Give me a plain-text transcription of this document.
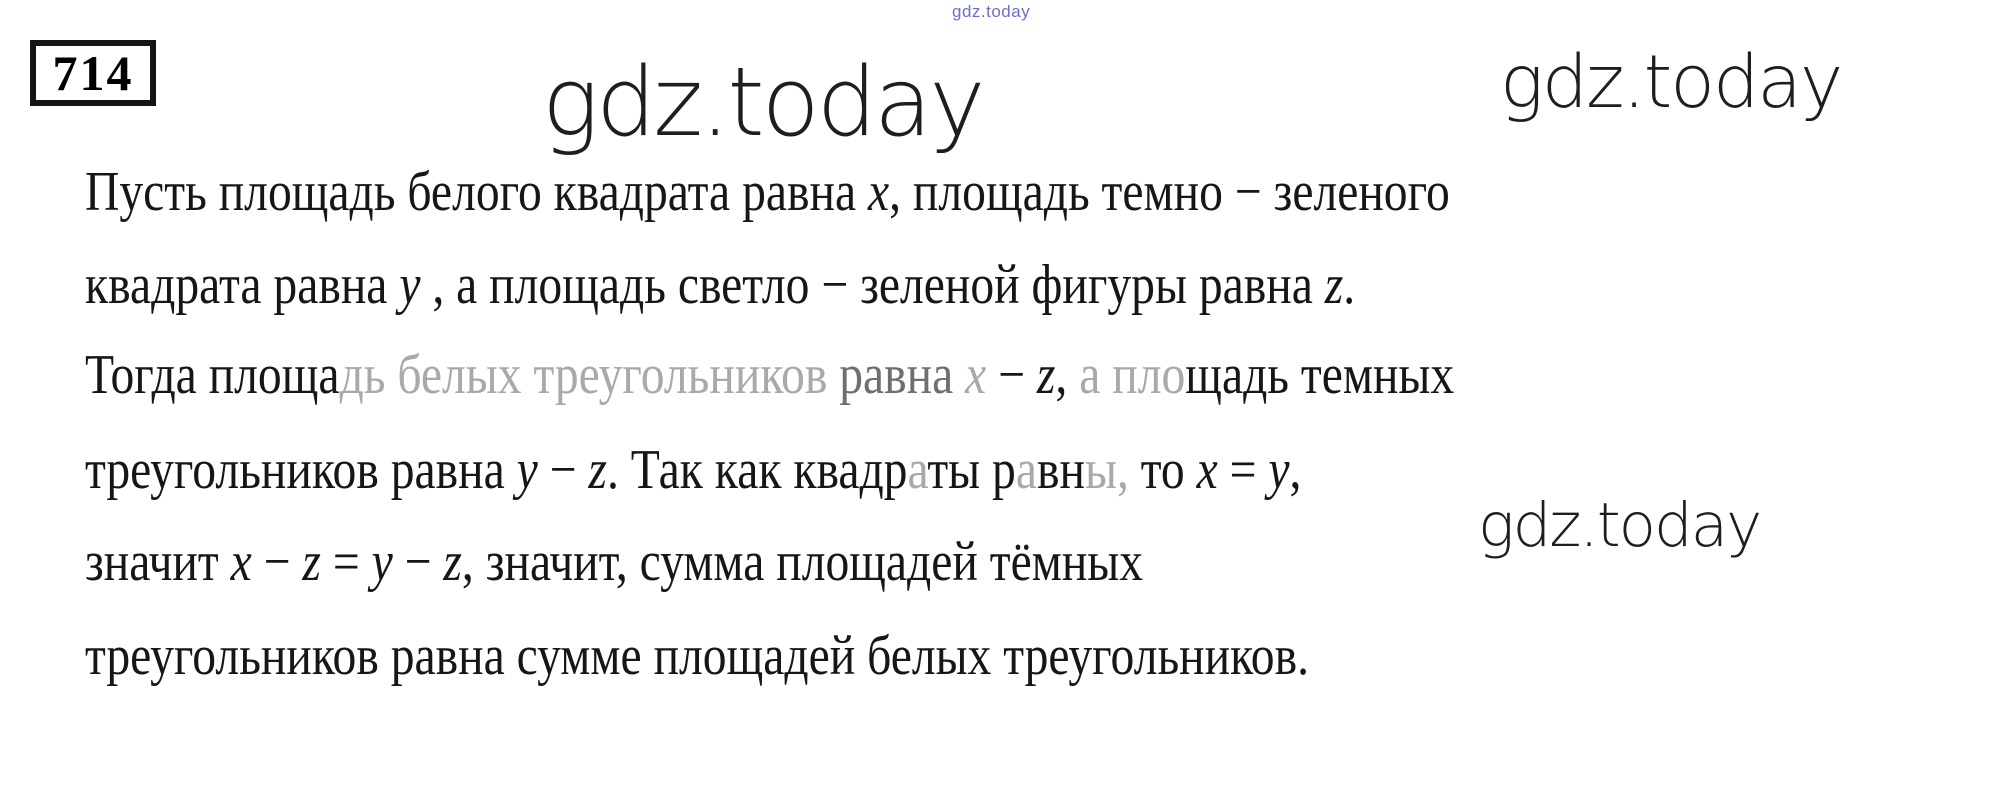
714
gdz.today
gdz.today	gdz.today
gdz.today
Пусть площадь белого квадрата равна x, площадь темно − зеленого
квадрата равна y , а площадь светло − зеленой фигуры равна z.
Тогда площадь белых треугольников равна x − z, а площадь темных
треугольников равна y − z. Так как квадраты равны, то x = y,
значит x − z = y − z, значит, сумма площадей тёмных
треугольников равна сумме площадей белых треугольников.
